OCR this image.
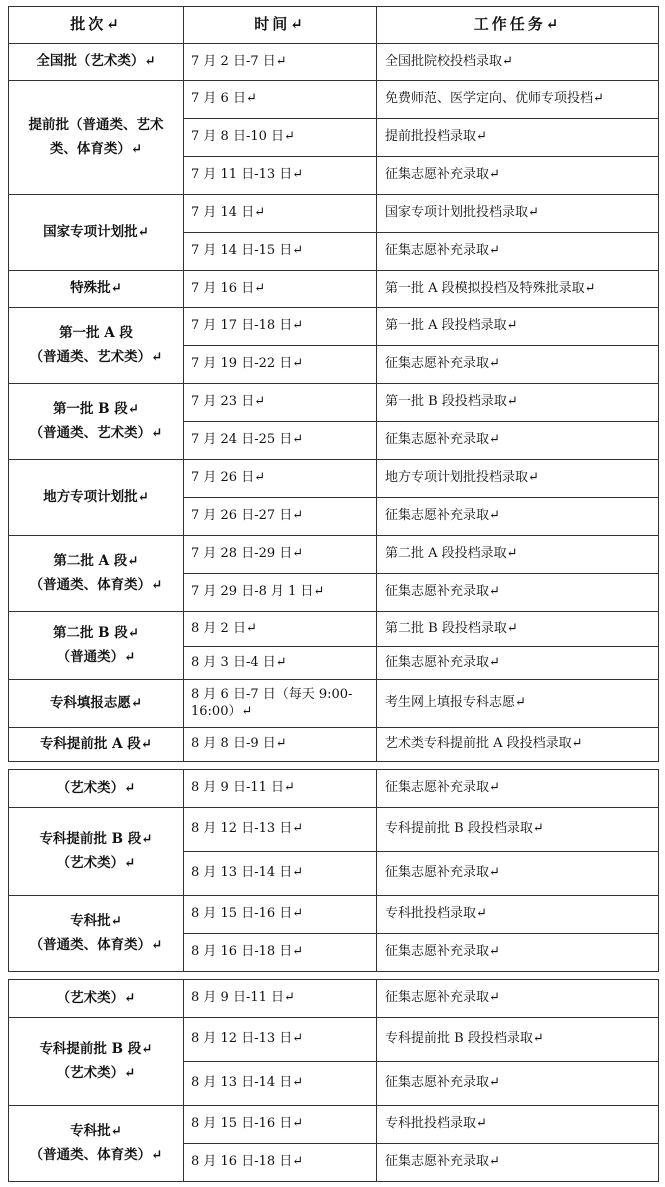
批次↵	时间↵	工作任务↵

全国批（艺术类）↵	7 月 2 日-7 日↵	全国批院校投档录取↵

提前批（普通类、艺术
类、体育类）↵	7 月 6 日↵	免费师范、医学定向、优师专项投档↵
	7 月 8 日-10 日↵	提前批投档录取↵
	7 月 11 日-13 日↵	征集志愿补充录取↵

国家专项计划批↵	7 月 14 日↵	国家专项计划批投档录取↵
	7 月 14 日-15 日↵	征集志愿补充录取↵

特殊批↵	7 月 16 日↵	第一批 A 段模拟投档及特殊批录取↵

第一批 A 段
（普通类、艺术类）↵	7 月 17 日-18 日↵	第一批 A 段投档录取↵
	7 月 19 日-22 日↵	征集志愿补充录取↵

第一批 B 段↵
（普通类、艺术类）↵	7 月 23 日↵	第一批 B 段投档录取↵
	7 月 24 日-25 日↵	征集志愿补充录取↵

地方专项计划批↵	7 月 26 日↵	地方专项计划批投档录取↵
	7 月 26 日-27 日↵	征集志愿补充录取↵

第二批 A 段↵
（普通类、体育类）↵	7 月 28 日-29 日↵	第二批 A 段投档录取↵
	7 月 29 日-8 月 1 日↵	征集志愿补充录取↵

第二批 B 段↵
（普通类）↵	8 月 2 日↵	第二批 B 段投档录取↵
	8 月 3 日-4 日↵	征集志愿补充录取↵

专科填报志愿↵	8 月 6 日-7 日（每天 9:00-16:00）↵	考生网上填报专科志愿↵

专科提前批 A 段↵	8 月 8 日-9 日↵	艺术类专科提前批 A 段投档录取↵
（艺术类）↵	8 月 9 日-11 日↵	征集志愿补充录取↵

专科提前批 B 段↵
（艺术类）↵	8 月 12 日-13 日↵	专科提前批 B 段投档录取↵
	8 月 13 日-14 日↵	征集志愿补充录取↵

专科批↵
（普通类、体育类）↵	8 月 15 日-16 日↵	专科批投档录取↵
	8 月 16 日-18 日↵	征集志愿补充录取↵
（艺术类）↵	8 月 9 日-11 日↵	征集志愿补充录取↵

专科提前批 B 段↵
（艺术类）↵	8 月 12 日-13 日↵	专科提前批 B 段投档录取↵
	8 月 13 日-14 日↵	征集志愿补充录取↵

专科批↵
（普通类、体育类）↵	8 月 15 日-16 日↵	专科批投档录取↵
	8 月 16 日-18 日↵	征集志愿补充录取↵
